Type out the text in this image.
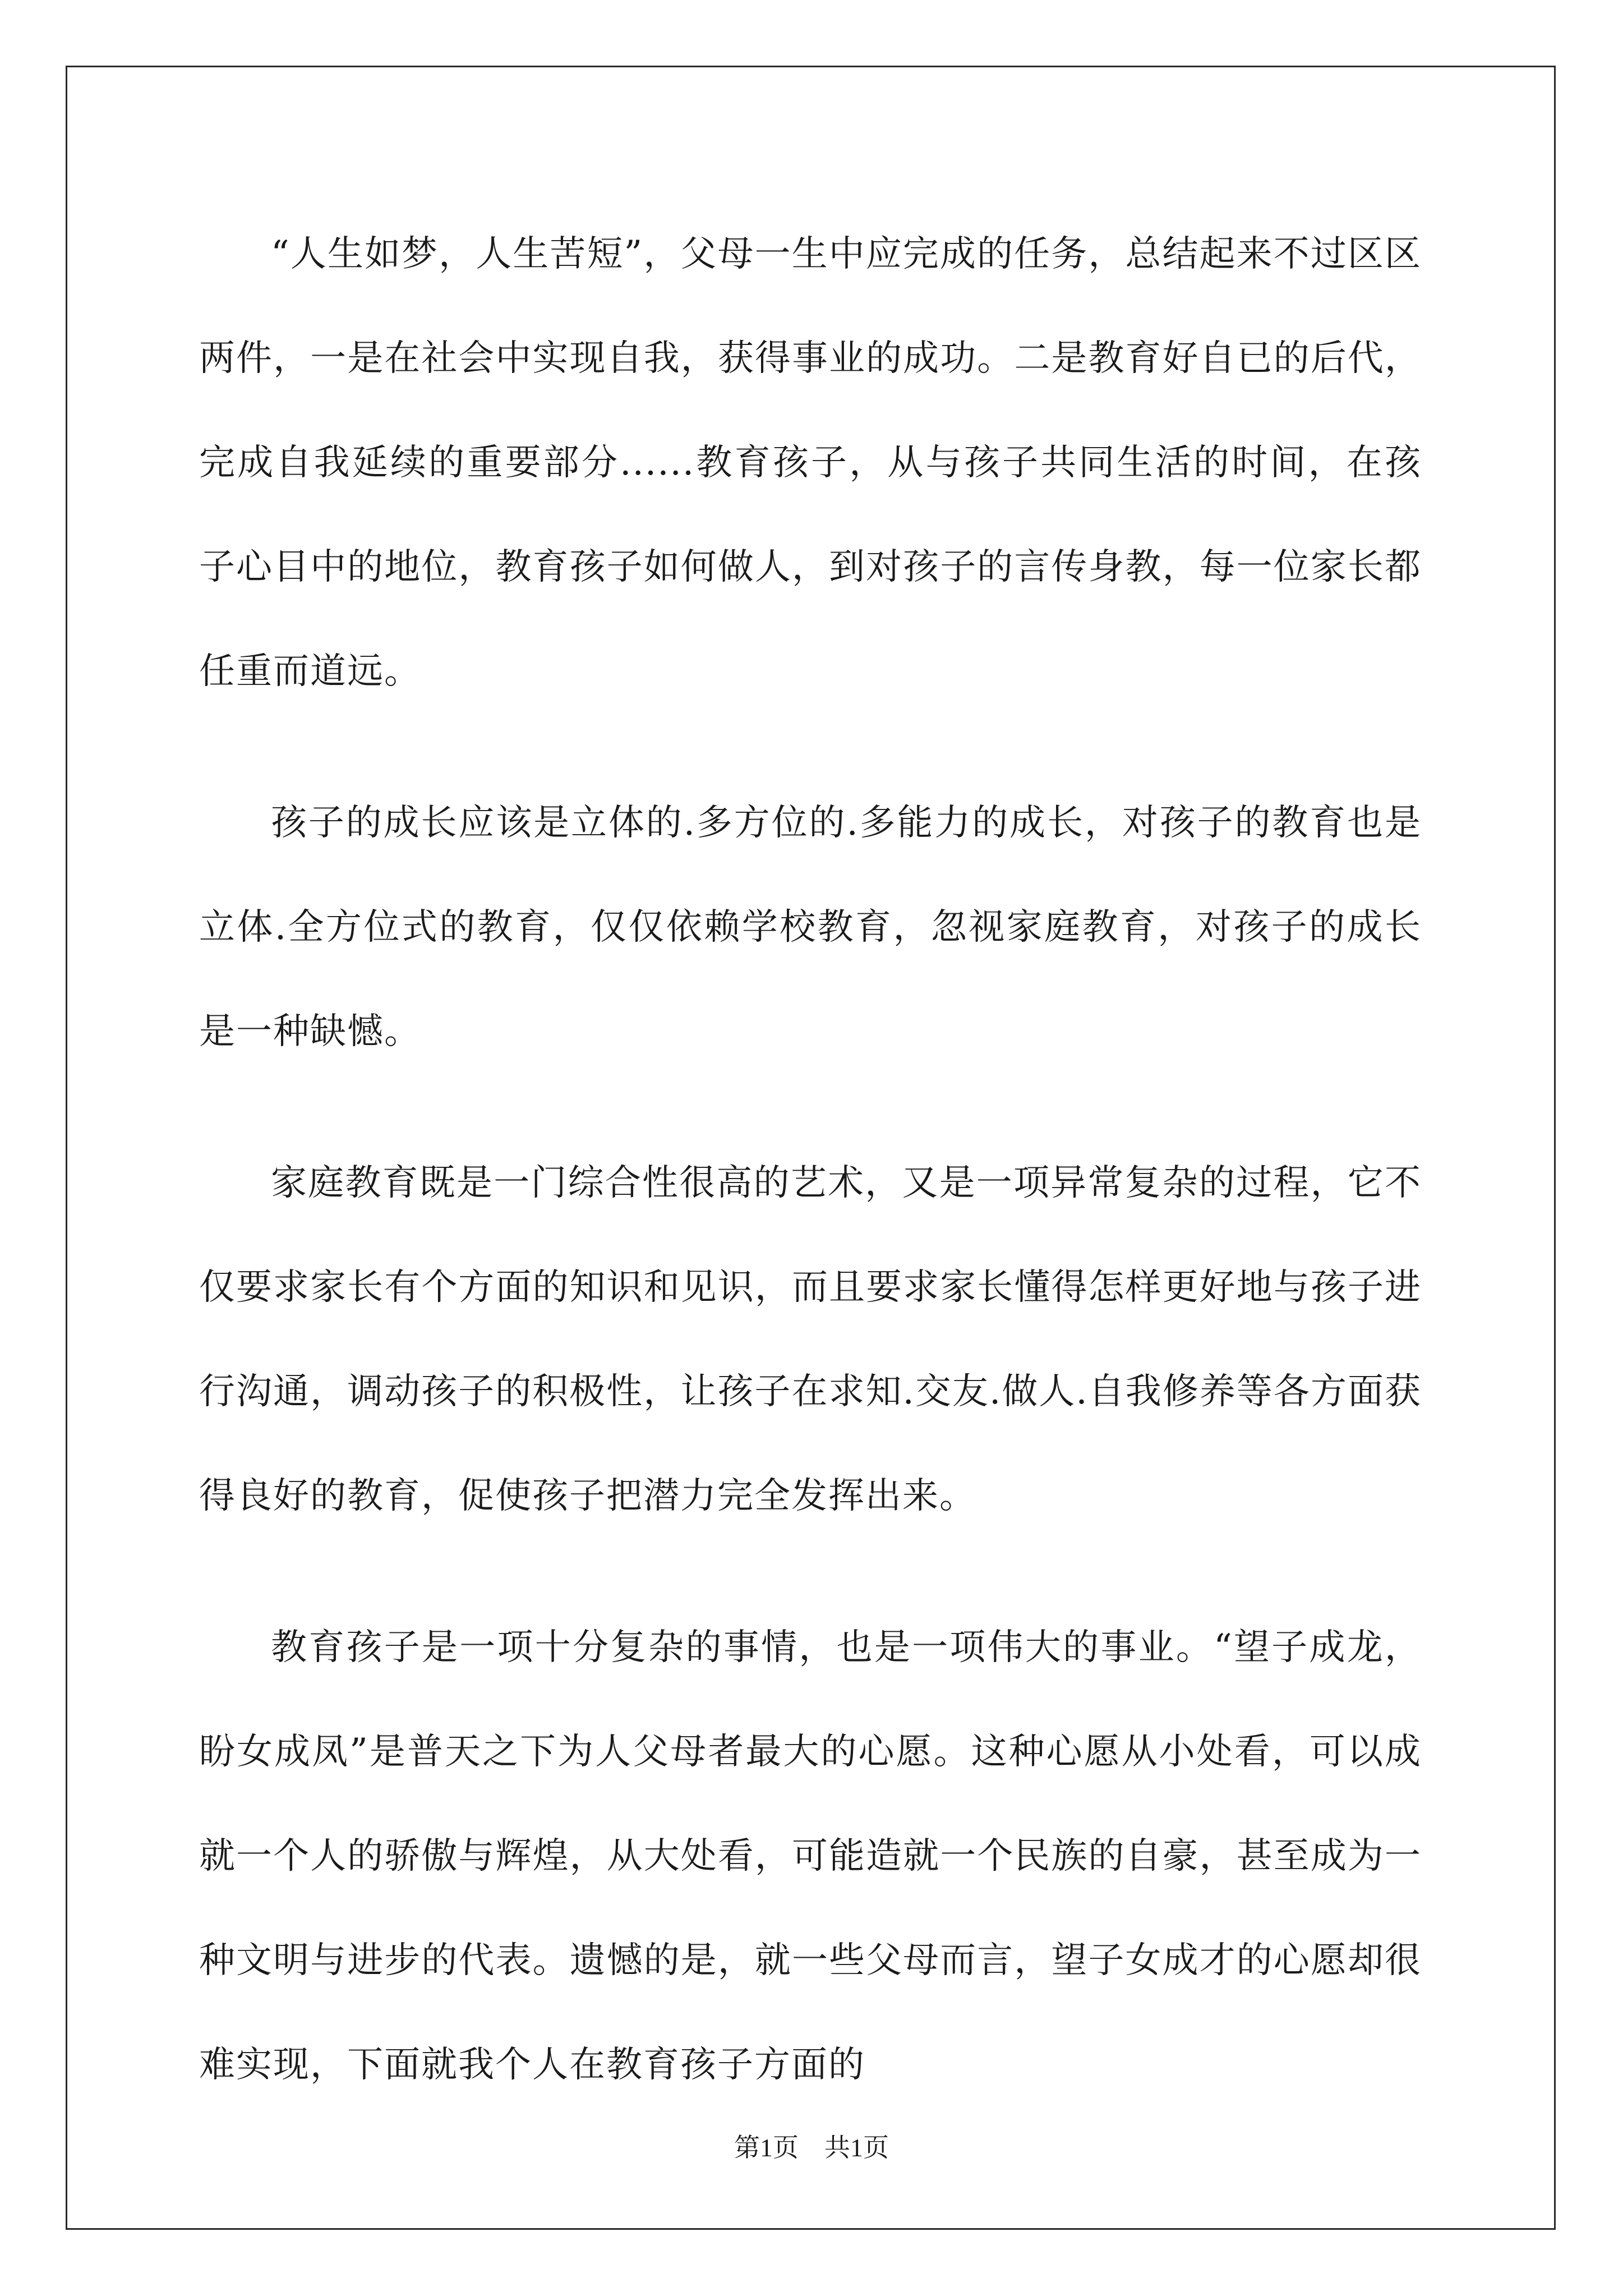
“人生如梦，人生苦短”，父母一生中应完成的任务，总结起来不过区区两件，一是在社会中实现自我，获得事业的成功。二是教育好自已的后代，完成自我延续的重要部分......教育孩子，从与孩子共同生活的时间，在孩子心目中的地位，教育孩子如何做人，到对孩子的言传身教，每一位家长都任重而道远。

孩子的成长应该是立体的.多方位的.多能力的成长，对孩子的教育也是立体.全方位式的教育，仅仅依赖学校教育，忽视家庭教育，对孩子的成长是一种缺憾。

家庭教育既是一门综合性很高的艺术，又是一项异常复杂的过程，它不仅要求家长有个方面的知识和见识，而且要求家长懂得怎样更好地与孩子进行沟通，调动孩子的积极性，让孩子在求知.交友.做人.自我修养等各方面获得良好的教育，促使孩子把潜力完全发挥出来。

教育孩子是一项十分复杂的事情，也是一项伟大的事业。“望子成龙，盼女成凤”是普天之下为人父母者最大的心愿。这种心愿从小处看，可以成就一个人的骄傲与辉煌，从大处看，可能造就一个民族的自豪，甚至成为一种文明与进步的代表。遗憾的是，就一些父母而言，望子女成才的心愿却很难实现，下面就我个人在教育孩子方面的

第1页 共1页
